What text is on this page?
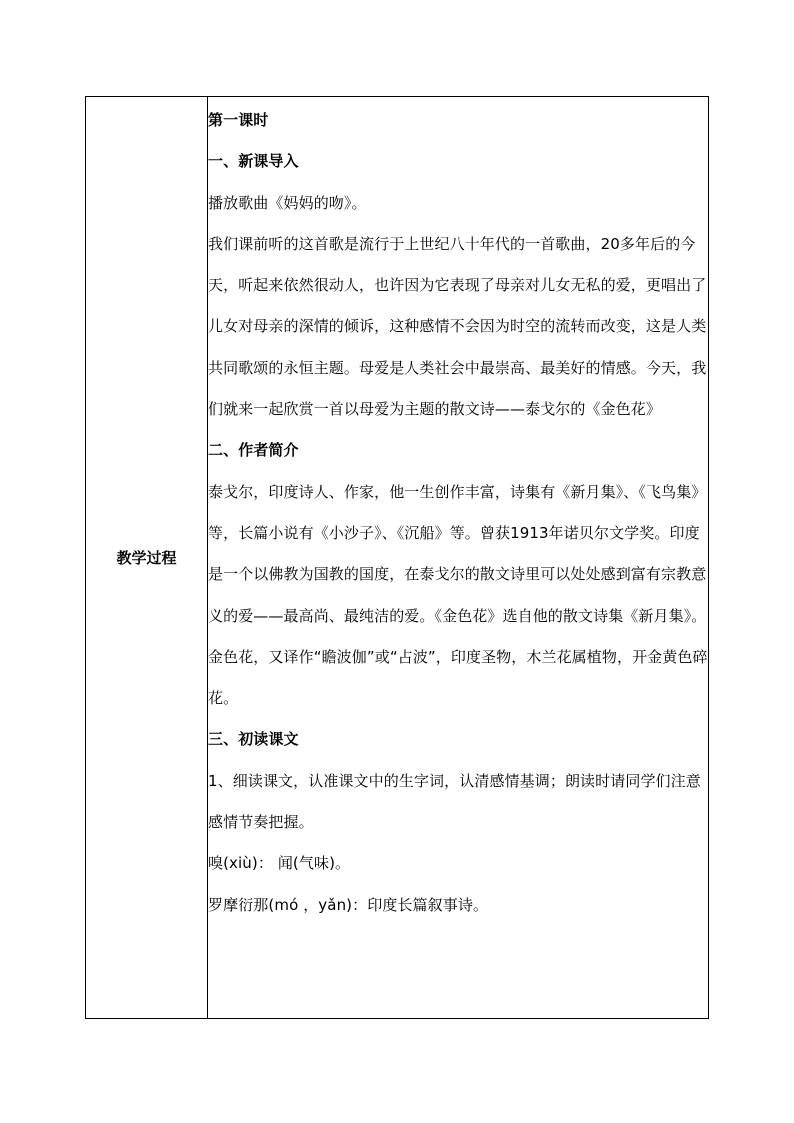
教学过程	

第一课时

一、新课导入

播放歌曲《妈妈的吻》。

我们课前听的这首歌是流行于上世纪八十年代的一首歌曲，20多年后的今天，听起来依然很动人，也许因为它表现了母亲对儿女无私的爱，更唱出了儿女对母亲的深情的倾诉，这种感情不会因为时空的流转而改变，这是人类共同歌颂的永恒主题。母爱是人类社会中最崇高、最美好的情感。今天，我们就来一起欣赏一首以母爱为主题的散文诗——泰戈尔的《金色花》

二、作者简介

泰戈尔，印度诗人、作家，他一生创作丰富，诗集有《新月集》、《飞鸟集》等，长篇小说有《小沙子》、《沉船》等。曾获1913年诺贝尔文学奖。印度是一个以佛教为国教的国度，在泰戈尔的散文诗里可以处处感到富有宗教意义的爱——最高尚、最纯洁的爱。《金色花》选自他的散文诗集《新月集》。

金色花，又译作“瞻波伽”或“占波”，印度圣物，木兰花属植物，开金黄色碎花。

三、初读课文

1、细读课文，认准课文中的生字词，认清感情基调；朗读时请同学们注意感情节奏把握。

嗅(xiù)： 闻(气味)。

罗摩衍那(mó ，yǎn)：印度长篇叙事诗。
